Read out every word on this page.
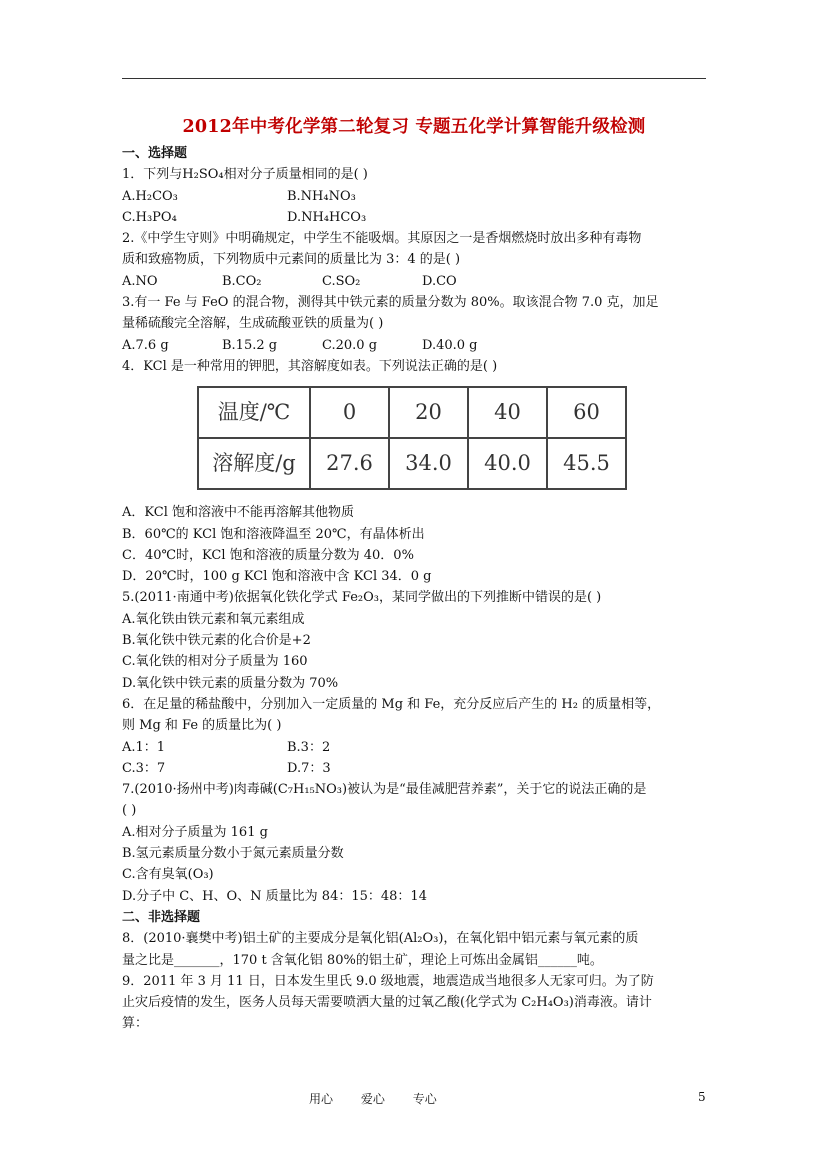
2012年中考化学第二轮复习 专题五化学计算智能升级检测
一、选择题
1．下列与H₂SO₄相对分子质量相同的是( )
A.H₂CO₃	B.NH₄NO₃
C.H₃PO₄	D.NH₄HCO₃
2.《中学生守则》中明确规定，中学生不能吸烟。其原因之一是香烟燃烧时放出多种有毒物
质和致癌物质，下列物质中元素间的质量比为 3：4 的是( )
A.NO	B.CO₂	C.SO₂	D.CO
3.有一 Fe 与 FeO 的混合物，测得其中铁元素的质量分数为 80%。取该混合物 7.0 克，加足
量稀硫酸完全溶解，生成硫酸亚铁的质量为( )
A.7.6 g	B.15.2 g	C.20.0 g	D.40.0 g
4．KCl 是一种常用的钾肥，其溶解度如表。下列说法正确的是( )
温度/℃	0	20	40	60
溶解度/g	27.6	34.0	40.0	45.5
A．KCl 饱和溶液中不能再溶解其他物质
B．60℃的 KCl 饱和溶液降温至 20℃，有晶体析出
C．40℃时，KCl 饱和溶液的质量分数为 40．0%
D．20℃时，100 g KCl 饱和溶液中含 KCl 34．0 g
5.(2011·南通中考)依据氧化铁化学式 Fe₂O₃，某同学做出的下列推断中错误的是( )
A.氧化铁由铁元素和氧元素组成
B.氧化铁中铁元素的化合价是+2
C.氧化铁的相对分子质量为 160
D.氧化铁中铁元素的质量分数为 70%
6．在足量的稀盐酸中，分别加入一定质量的 Mg 和 Fe，充分反应后产生的 H₂ 的质量相等，
则 Mg 和 Fe 的质量比为( )
A.1：1	B.3：2
C.3：7	D.7：3
7.(2010·扬州中考)肉毒碱(C₇H₁₅NO₃)被认为是“最佳减肥营养素”，关于它的说法正确的是
( )
A.相对分子质量为 161 g
B.氢元素质量分数小于氮元素质量分数
C.含有臭氧(O₃)
D.分子中 C、H、O、N 质量比为 84：15：48：14
二、非选择题
8．(2010·襄樊中考)铝土矿的主要成分是氧化铝(Al₂O₃)，在氧化铝中铝元素与氧元素的质
量之比是_______，170 t 含氧化铝 80%的铝土矿，理论上可炼出金属铝______吨。
9．2011 年 3 月 11 日，日本发生里氏 9.0 级地震，地震造成当地很多人无家可归。为了防
止灾后疫情的发生，医务人员每天需要喷洒大量的过氧乙酸(化学式为 C₂H₄O₃)消毒液。请计
算：
用心 爱心 专心	5
